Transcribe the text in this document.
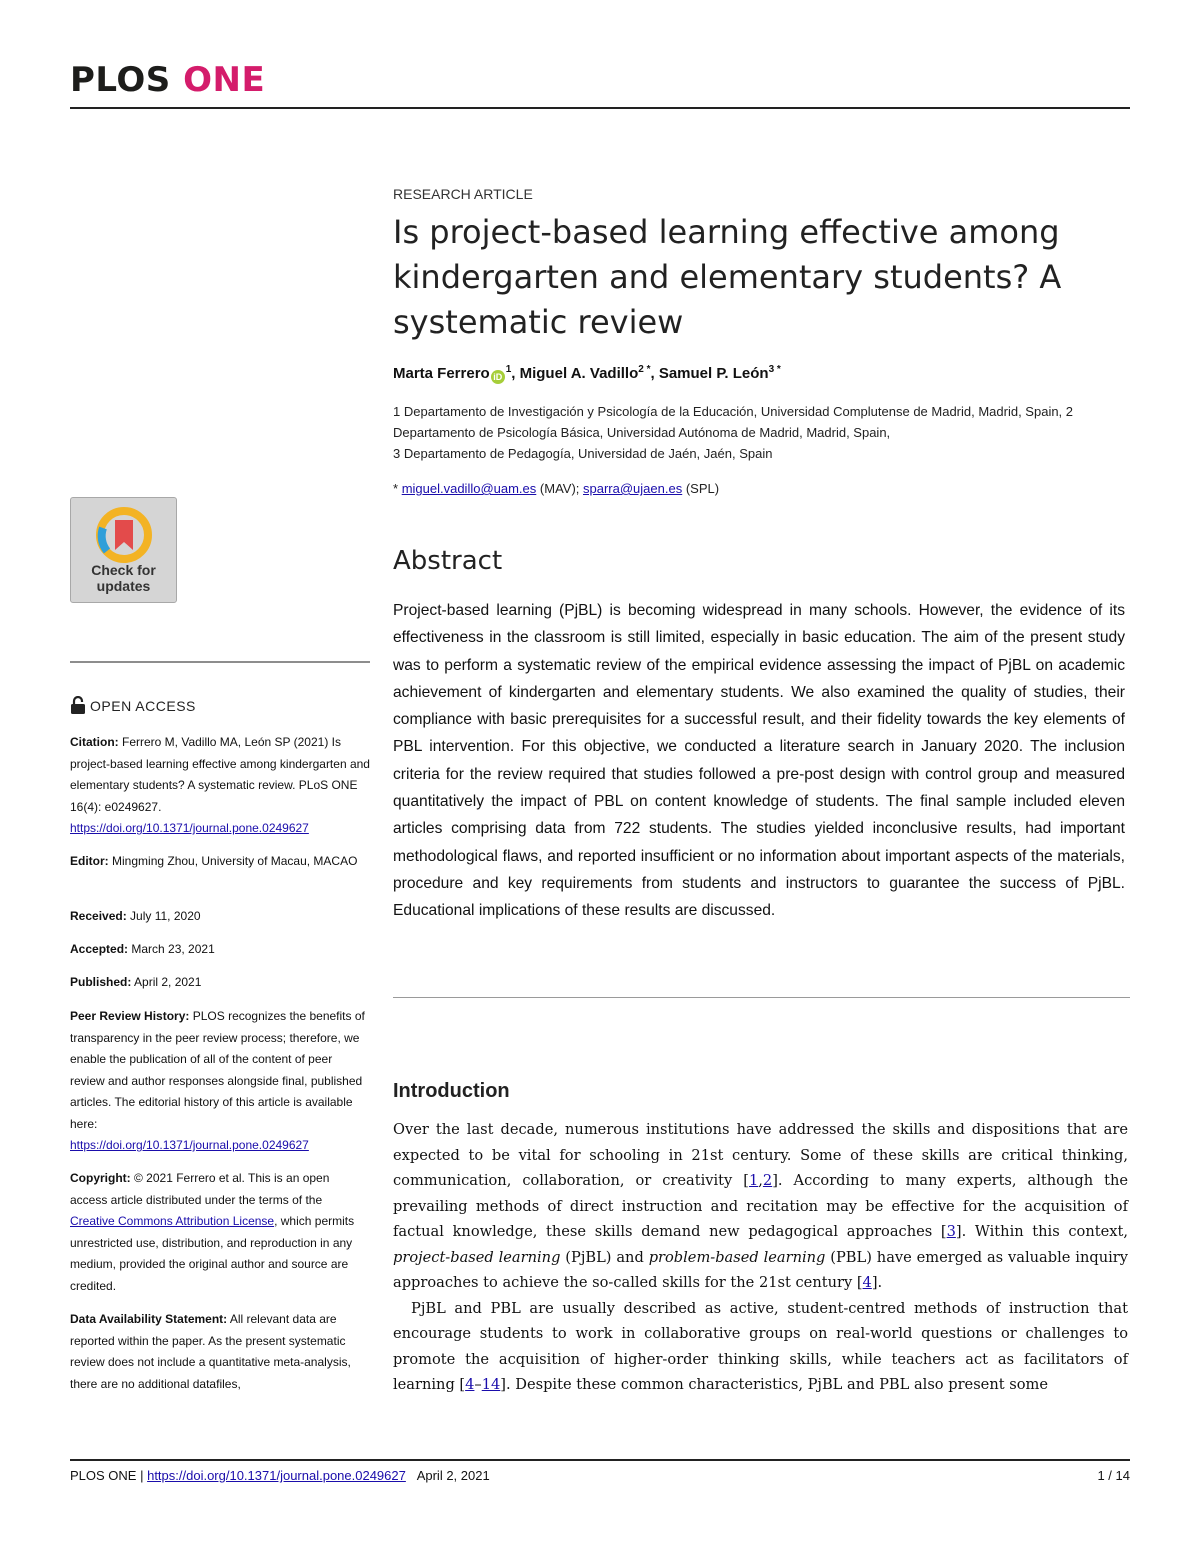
PLOS ONE
RESEARCH ARTICLE
Is project-based learning effective among kindergarten and elementary students? A systematic review
Marta Ferrero $iD^1$, Miguel A. Vadillo$^{2 *}$, Samuel P. León$^{3 *}$
1 Departamento de Investigación y Psicología de la Educación, Universidad Complutense de Madrid, Madrid, Spain, 2 Departamento de Psicología Básica, Universidad Autónoma de Madrid, Madrid, Spain,
3 Departamento de Pedagogía, Universidad de Jaén, Jaén, Spain
* miguel.vadillo@uam.es (MAV); sparra@ujaen.es (SPL)
Abstract
Project-based learning (PjBL) is becoming widespread in many schools. However, the evidence of its effectiveness in the classroom is still limited, especially in basic education. The aim of the present study was to perform a systematic review of the empirical evidence assessing the impact of PjBL on academic achievement of kindergarten and elementary students. We also examined the quality of studies, their compliance with basic prerequisites for a successful result, and their fidelity towards the key elements of PBL intervention. For this objective, we conducted a literature search in January 2020. The inclusion criteria for the review required that studies followed a pre-post design with control group and measured quantitatively the impact of PBL on content knowledge of students. The final sample included eleven articles comprising data from 722 students. The studies yielded inconclusive results, had important methodological flaws, and reported insufficient or no information about important aspects of the materials, procedure and key requirements from students and instructors to guarantee the success of PjBL. Educational implications of these results are discussed.
Introduction

Over the last decade, numerous institutions have addressed the skills and dispositions that are expected to be vital for schooling in 21st century. Some of these skills are critical thinking, communication, collaboration, or creativity [1,2]. According to many experts, although the prevailing methods of direct instruction and recitation may be effective for the acquisition of factual knowledge, these skills demand new pedagogical approaches [3]. Within this context, project-based learning (PjBL) and problem-based learning (PBL) have emerged as valuable inquiry approaches to achieve the so-called skills for the 21st century [4].

PjBL and PBL are usually described as active, student-centred methods of instruction that encourage students to work in collaborative groups on real-world questions or challenges to promote the acquisition of higher-order thinking skills, while teachers act as facilitators of learning [4–14]. Despite these common characteristics, PjBL and PBL also present some

Check for
updates
OPEN ACCESS
Citation: Ferrero M, Vadillo MA, León SP (2021) Is project-based learning effective among kindergarten and elementary students? A systematic review. PLoS ONE 16(4): e0249627.
https://doi.org/10.1371/journal.pone.0249627
Editor: Mingming Zhou, University of Macau, MACAO
Received: July 11, 2020
Accepted: March 23, 2021
Published: April 2, 2021
Peer Review History: PLOS recognizes the benefits of transparency in the peer review process; therefore, we enable the publication of all of the content of peer review and author responses alongside final, published articles. The editorial history of this article is available here:
https://doi.org/10.1371/journal.pone.0249627
Copyright: © 2021 Ferrero et al. This is an open access article distributed under the terms of the Creative Commons Attribution License, which permits unrestricted use, distribution, and reproduction in any medium, provided the original author and source are credited.
Data Availability Statement: All relevant data are reported within the paper. As the present systematic review does not include a quantitative meta-analysis, there are no additional datafiles,
PLOS ONE | https://doi.org/10.1371/journal.pone.0249627 April 2, 2021	1 / 14
